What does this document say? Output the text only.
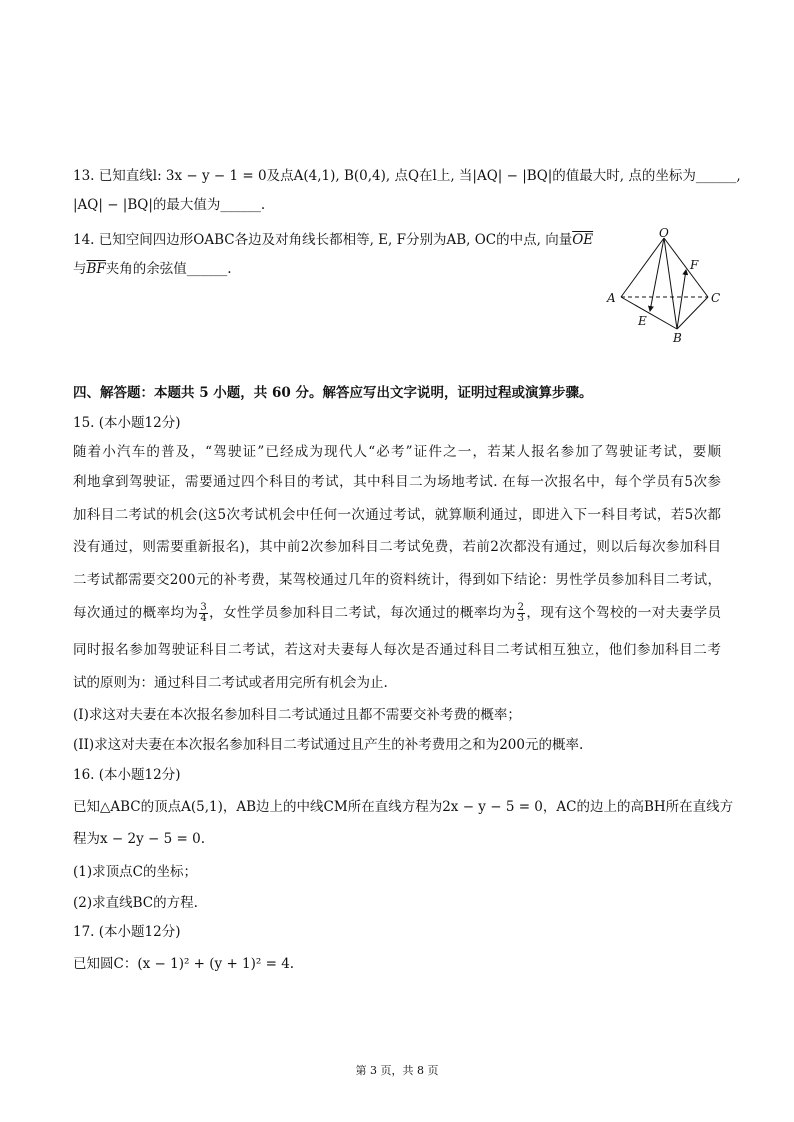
13. 已知直线l: 3x − y − 1 = 0及点A(4,1), B(0,4), 点Q在l上, 当|AQ| − |BQ|的值最大时, 点的坐标为______,
|AQ| − |BQ|的最大值为______.
14. 已知空间四边形OABC各边及对角线长都相等, E, F分别为AB, OC的中点, 向量$\overline{OE}$
与$\overline{BF}$夹角的余弦值______.
O
A
B
C
E
F
四、解答题：本题共 5 小题，共 60 分。解答应写出文字说明，证明过程或演算步骤。
15. (本小题12分)
随着小汽车的普及，“驾驶证”已经成为现代人“必考”证件之一，若某人报名参加了驾驶证考试，要顺
利地拿到驾驶证，需要通过四个科目的考试，其中科目二为场地考试. 在每一次报名中，每个学员有5次参
加科目二考试的机会(这5次考试机会中任何一次通过考试，就算顺利通过，即进入下一科目考试，若5次都
没有通过，则需要重新报名)，其中前2次参加科目二考试免费，若前2次都没有通过，则以后每次参加科目
二考试都需要交200元的补考费，某驾校通过几年的资料统计，得到如下结论：男性学员参加科目二考试，
每次通过的概率均为 $\frac{3}{4}$ ，女性学员参加科目二考试，每次通过的概率均为 $\frac{2}{3}$ ，现有这个驾校的一对夫妻学员
同时报名参加驾驶证科目二考试，若这对夫妻每人每次是否通过科目二考试相互独立，他们参加科目二考
试的原则为：通过科目二考试或者用完所有机会为止.
(I)求这对夫妻在本次报名参加科目二考试通过且都不需要交补考费的概率；
(II)求这对夫妻在本次报名参加科目二考试通过且产生的补考费用之和为200元的概率.
16. (本小题12分)
已知△ABC的顶点A(5,1)，AB边上的中线CM所在直线方程为2x − y − 5 = 0，AC的边上的高BH所在直线方
程为x − 2y − 5 = 0.
(1)求顶点C的坐标；
(2)求直线BC的方程.
17. (本小题12分)
已知圆C：(x − 1)² + (y + 1)² = 4.
第 3 页，共 8 页
